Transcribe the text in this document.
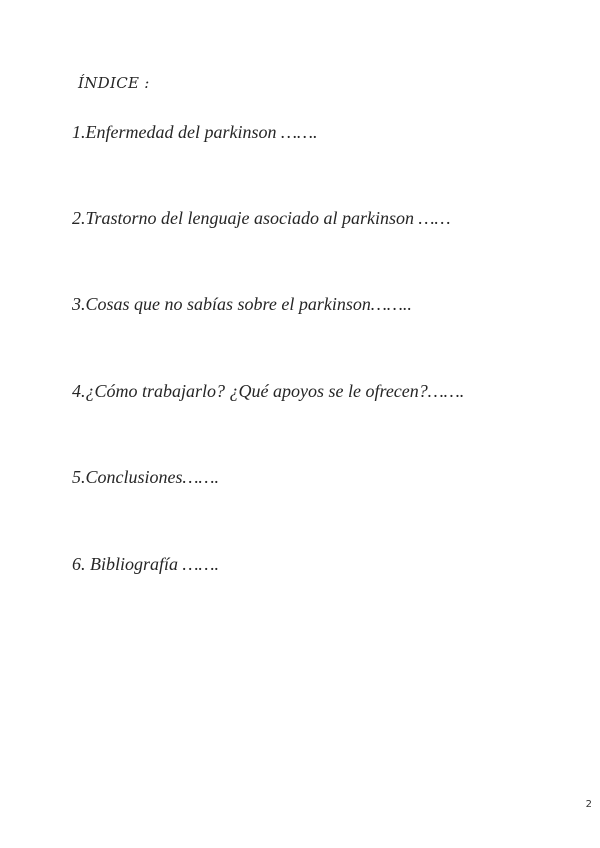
ÍNDICE :
1.Enfermedad del parkinson …….
2.Trastorno del lenguaje asociado al parkinson ……
3.Cosas que no sabías sobre el parkinson……..
4.¿Cómo trabajarlo? ¿Qué apoyos se le ofrecen?…….
5.Conclusiones…….
6. Bibliografía …….
2
